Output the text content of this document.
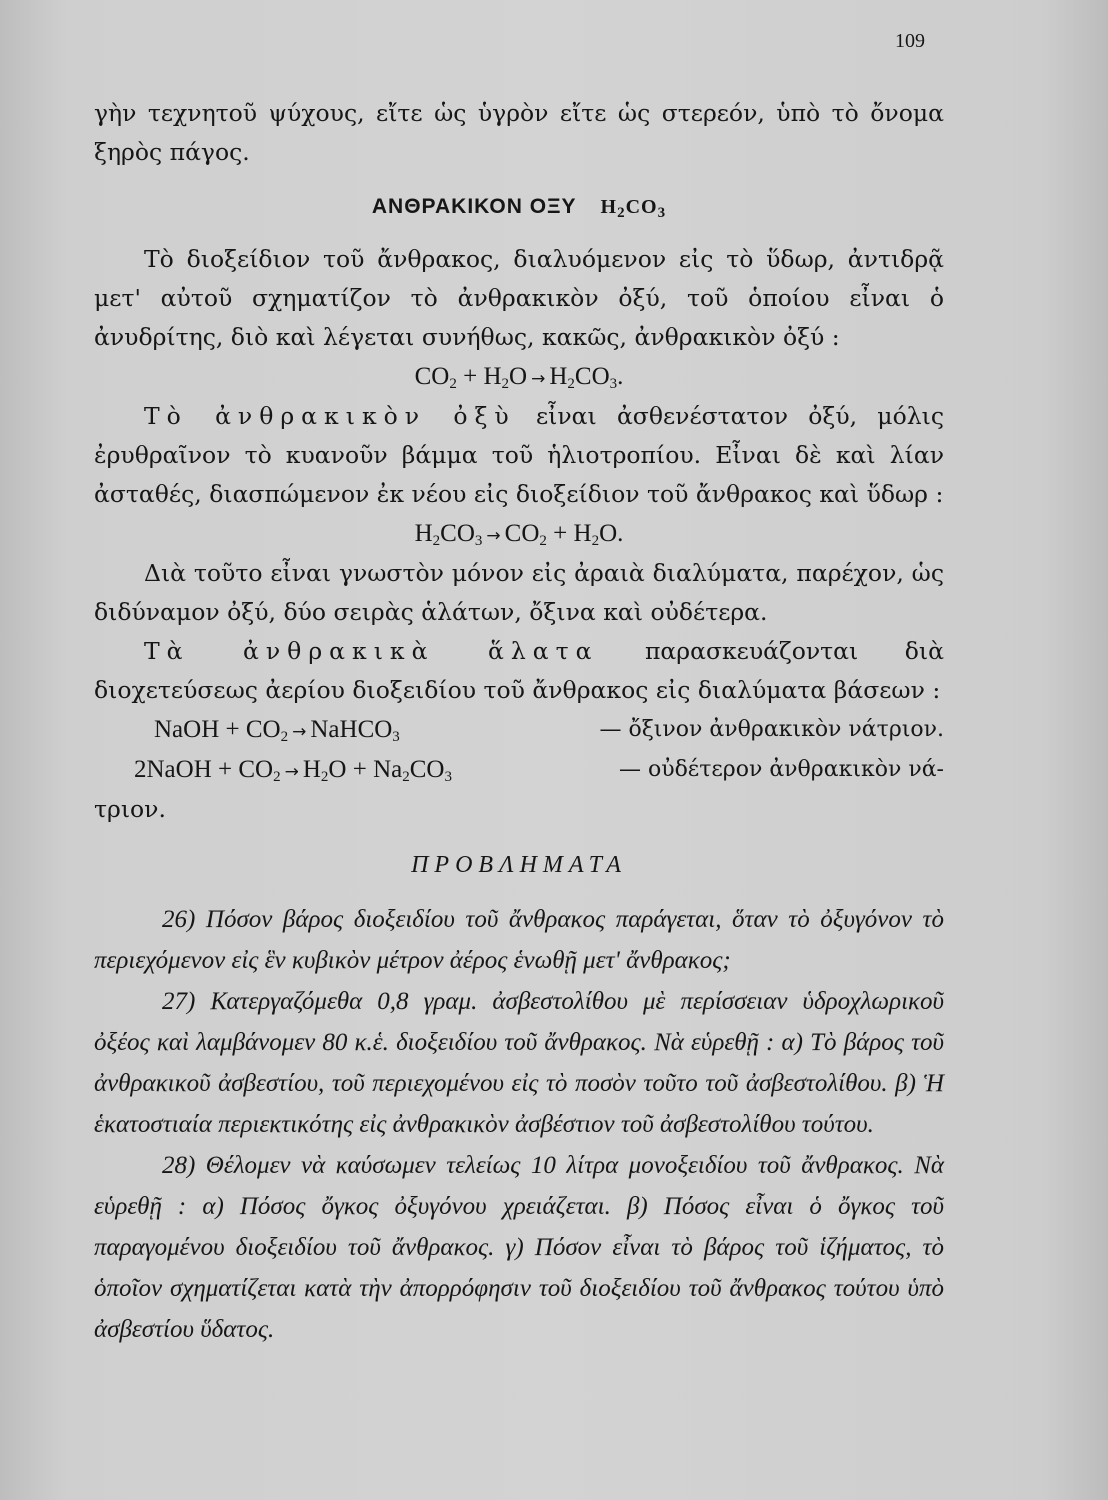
109

γὴν τεχνητοῦ ψύχους, εἴτε ὡς ὑγρὸν εἴτε ὡς στερεόν, ὑπὸ τὸ ὄνομα ξηρὸς πάγος.

ΑΝΘΡΑΚΙΚΟΝ ΟΞΥ $H_2CO_3$

Τὸ διοξείδιον τοῦ ἄνθρακος, διαλυόμενον εἰς τὸ ὕδωρ, ἀντιδρᾷ μετ' αὐτοῦ σχηματίζον τὸ ἀνθρακικὸν ὀξύ, τοῦ ὁποίου εἶναι ὁ ἀνυδρίτης, διὸ καὶ λέγεται συνήθως, κακῶς, ἀνθρακικὸν ὀξύ :

$CO_2 + H_2O \to H_2CO_3$.

Τὸ ἀνθρακικὸν ὀξὺ εἶναι ἀσθενέστατον ὀξύ, μόλις ἐρυθραῖνον τὸ κυανοῦν βάμμα τοῦ ἡλιοτροπίου. Εἶναι δὲ καὶ λίαν ἀσταθές, διασπώμενον ἐκ νέου εἰς διοξείδιον τοῦ ἄνθρακος καὶ ὕδωρ :

$H_2CO_3 \to CO_2 + H_2O$.

Διὰ τοῦτο εἶναι γνωστὸν μόνον εἰς ἀραιὰ διαλύματα, παρέχον, ὡς διδύναμον ὀξύ, δύο σειρὰς ἁλάτων, ὄξινα καὶ οὐδέτερα.

Τὰ ἀνθρακικὰ ἅλατα παρασκευάζονται διὰ διοχετεύσεως ἀερίου διοξειδίου τοῦ ἄνθρακος εἰς διαλύματα βάσεων :

NaOH + $CO_2$ → NaHCO$_3$	— ὄξινον ἀνθρακικὸν νάτριον.
2NaOH + $CO_2 \to H_2O + Na_2CO_3$	— οὐδέτερον ἀνθρακικὸν νά-

τριον.

ΠΡΟΒΛΗΜΑΤΑ

26) Πόσον βάρος διοξειδίου τοῦ ἄνθρακος παράγεται, ὅταν τὸ ὀξυγόνον τὸ περιεχόμενον εἰς ἓν κυβικὸν μέτρον ἀέρος ἑνωθῇ μετ' ἄνθρακος;

27) Κατεργαζόμεθα 0,8 γραμ. ἀσβεστολίθου μὲ περίσσειαν ὑδροχλωρικοῦ ὀξέος καὶ λαμβάνομεν 80 κ.ἑ. διοξειδίου τοῦ ἄνθρακος. Νὰ εὑρεθῇ : α) Τὸ βάρος τοῦ ἀνθρακικοῦ ἀσβεστίου, τοῦ περιεχομένου εἰς τὸ ποσὸν τοῦτο τοῦ ἀσβεστολίθου. β) Ἡ ἑκατοστιαία περιεκτικότης εἰς ἀνθρακικὸν ἀσβέστιον τοῦ ἀσβεστολίθου τούτου.

28) Θέλομεν νὰ καύσωμεν τελείως 10 λίτρα μονοξειδίου τοῦ ἄνθρακος. Νὰ εὑρεθῇ : α) Πόσος ὄγκος ὀξυγόνου χρειάζεται. β) Πόσος εἶναι ὁ ὄγκος τοῦ παραγομένου διοξειδίου τοῦ ἄνθρακος. γ) Πόσον εἶναι τὸ βάρος τοῦ ἱζήματος, τὸ ὁποῖον σχηματίζεται κατὰ τὴν ἀπορρόφησιν τοῦ διοξειδίου τοῦ ἄνθρακος τούτου ὑπὸ ἀσβεστίου ὕδατος.
